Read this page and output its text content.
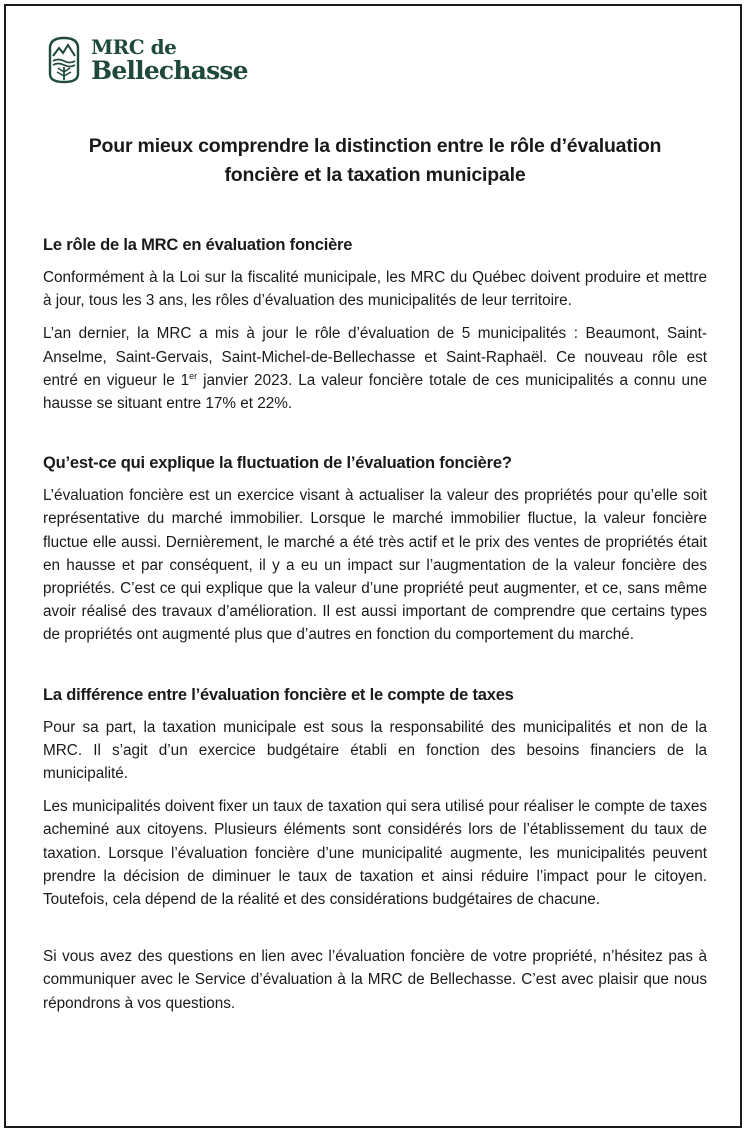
MRC de
Bellechasse
Pour mieux comprendre la distinction entre le rôle d’évaluation
foncière et la taxation municipale
Le rôle de la MRC en évaluation foncière

Conformément à la Loi sur la fiscalité municipale, les MRC du Québec doivent produire et mettre à jour, tous les 3 ans, les rôles d’évaluation des municipalités de leur territoire.

L’an dernier, la MRC a mis à jour le rôle d’évaluation de 5 municipalités : Beaumont, Saint-Anselme, Saint-Gervais, Saint-Michel-de-Bellechasse et Saint-Raphaël. Ce nouveau rôle est entré en vigueur le 1er janvier 2023. La valeur foncière totale de ces municipalités a connu une hausse se situant entre 17% et 22%.

Qu’est-ce qui explique la fluctuation de l’évaluation foncière?

L’évaluation foncière est un exercice visant à actualiser la valeur des propriétés pour qu’elle soit représentative du marché immobilier. Lorsque le marché immobilier fluctue, la valeur foncière fluctue elle aussi. Dernièrement, le marché a été très actif et le prix des ventes de propriétés était en hausse et par conséquent, il y a eu un impact sur l’augmentation de la valeur foncière des propriétés. C’est ce qui explique que la valeur d’une propriété peut augmenter, et ce, sans même avoir réalisé des travaux d’amélioration. Il est aussi important de comprendre que certains types de propriétés ont augmenté plus que d’autres en fonction du comportement du marché.

La différence entre l’évaluation foncière et le compte de taxes

Pour sa part, la taxation municipale est sous la responsabilité des municipalités et non de la MRC. Il s’agit d’un exercice budgétaire établi en fonction des besoins financiers de la municipalité.

Les municipalités doivent fixer un taux de taxation qui sera utilisé pour réaliser le compte de taxes acheminé aux citoyens. Plusieurs éléments sont considérés lors de l’établissement du taux de taxation. Lorsque l’évaluation foncière d’une municipalité augmente, les municipalités peuvent prendre la décision de diminuer le taux de taxation et ainsi réduire l’impact pour le citoyen. Toutefois, cela dépend de la réalité et des considérations budgétaires de chacune.

Si vous avez des questions en lien avec l’évaluation foncière de votre propriété, n’hésitez pas à communiquer avec le Service d’évaluation à la MRC de Bellechasse. C’est avec plaisir que nous répondrons à vos questions.
